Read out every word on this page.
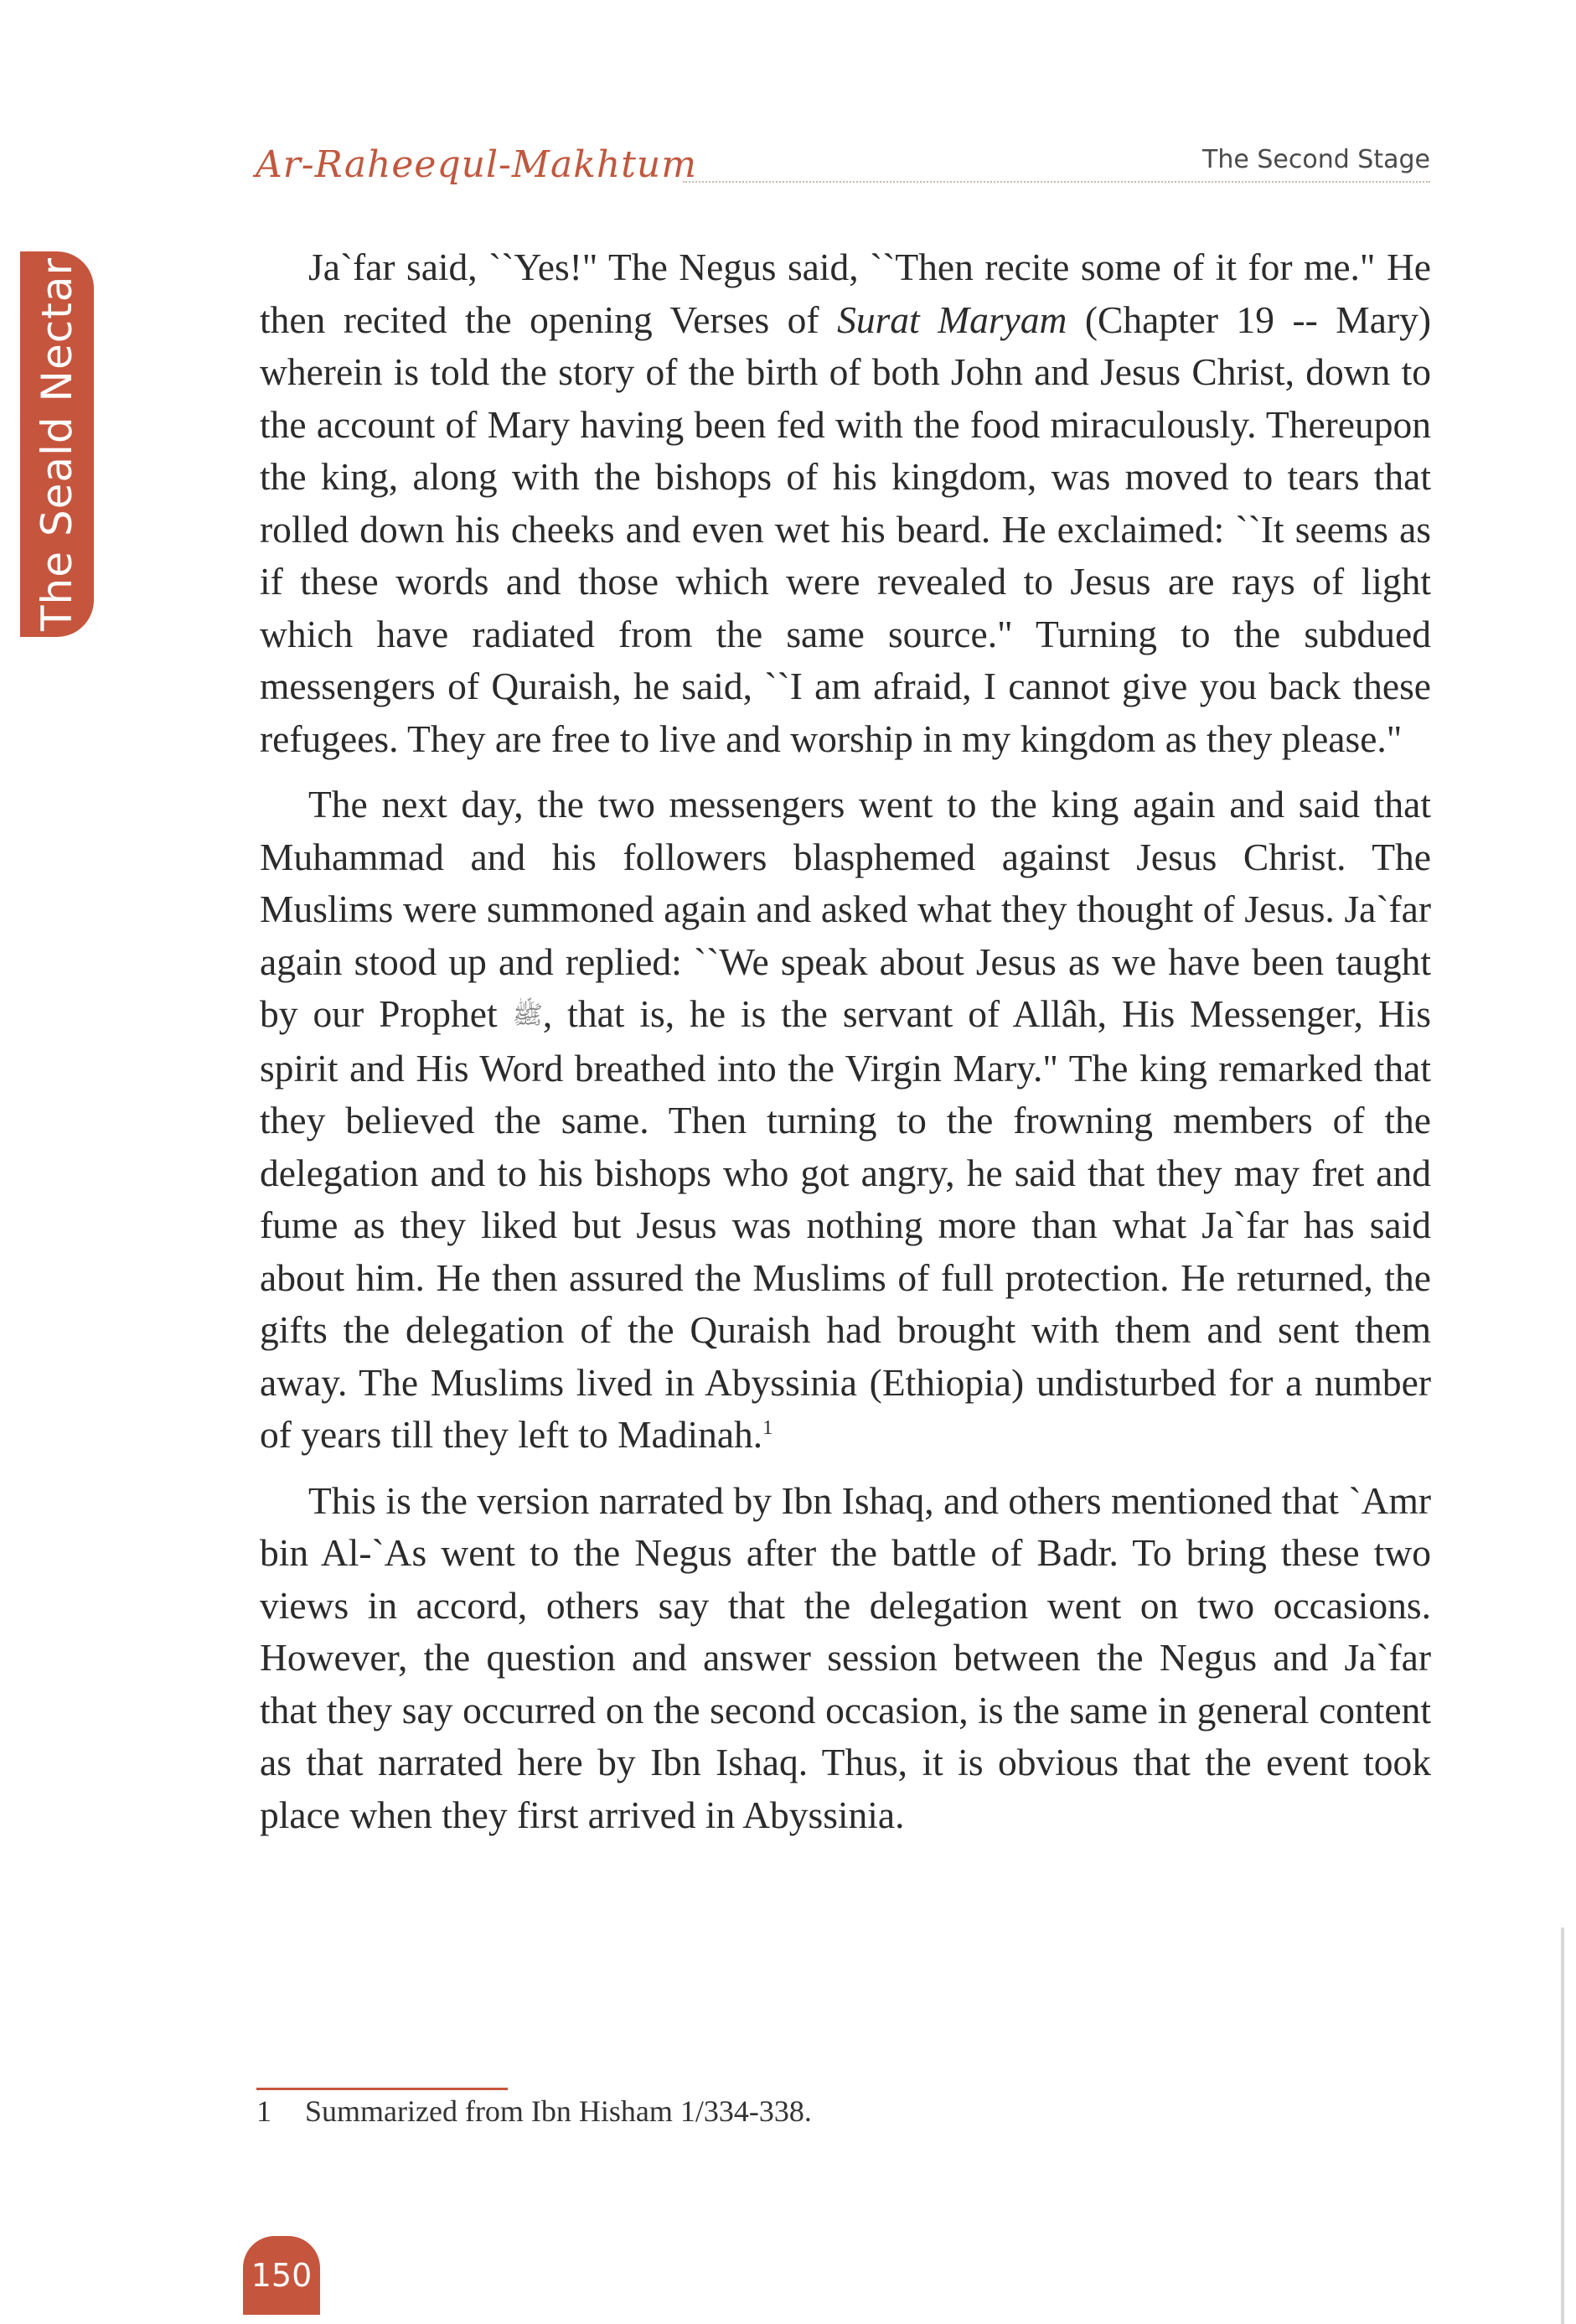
Ar-Raheequl-Makhtum	The Second Stage
The Seald Nectar	Ja`far said, ``Yes!" The Negus said, ``Then recite some of it for me." He then recited the opening Verses of Surat Maryam (Chapter 19 -- Mary) wherein is told the story of the birth of both John and Jesus Christ, down to the account of Mary having been fed with the food miraculously. Thereupon the king, along with the bishops of his kingdom, was moved to tears that rolled down his cheeks and even wet his beard. He exclaimed: ``It seems as if these words and those which were revealed to Jesus are rays of light which have radiated from the same source." Turning to the subdued messengers of Quraish, he said, ``I am afraid, I cannot give you back these refugees. They are free to live and worship in my kingdom as they please."

The next day, the two messengers went to the king again and said that Muhammad and his followers blasphemed against Jesus Christ. The Muslims were summoned again and asked what they thought of Jesus. Ja`far again stood up and replied: ``We speak about Jesus as we have been taught by our Prophet ﷺ, that is, he is the servant of Allâh, His Messenger, His spirit and His Word breathed into the Virgin Mary." The king remarked that they believed the same. Then turning to the frowning members of the delegation and to his bishops who got angry, he said that they may fret and fume as they liked but Jesus was nothing more than what Ja`far has said about him. He then assured the Muslims of full protection. He returned, the gifts the delegation of the Quraish had brought with them and sent them away. The Muslims lived in Abyssinia (Ethiopia) undisturbed for a number of years till they left to Madinah.$^1$

This is the version narrated by Ibn Ishaq, and others mentioned that `Amr bin Al-`As went to the Negus after the battle of Badr. To bring these two views in accord, others say that the delegation went on two occasions. However, the question and answer session between the Negus and Ja`far that they say occurred on the second occasion, is the same in general content as that narrated here by Ibn Ishaq. Thus, it is obvious that the event took place when they first arrived in Abyssinia.

1 Summarized from Ibn Hisham 1/334-338.
150
